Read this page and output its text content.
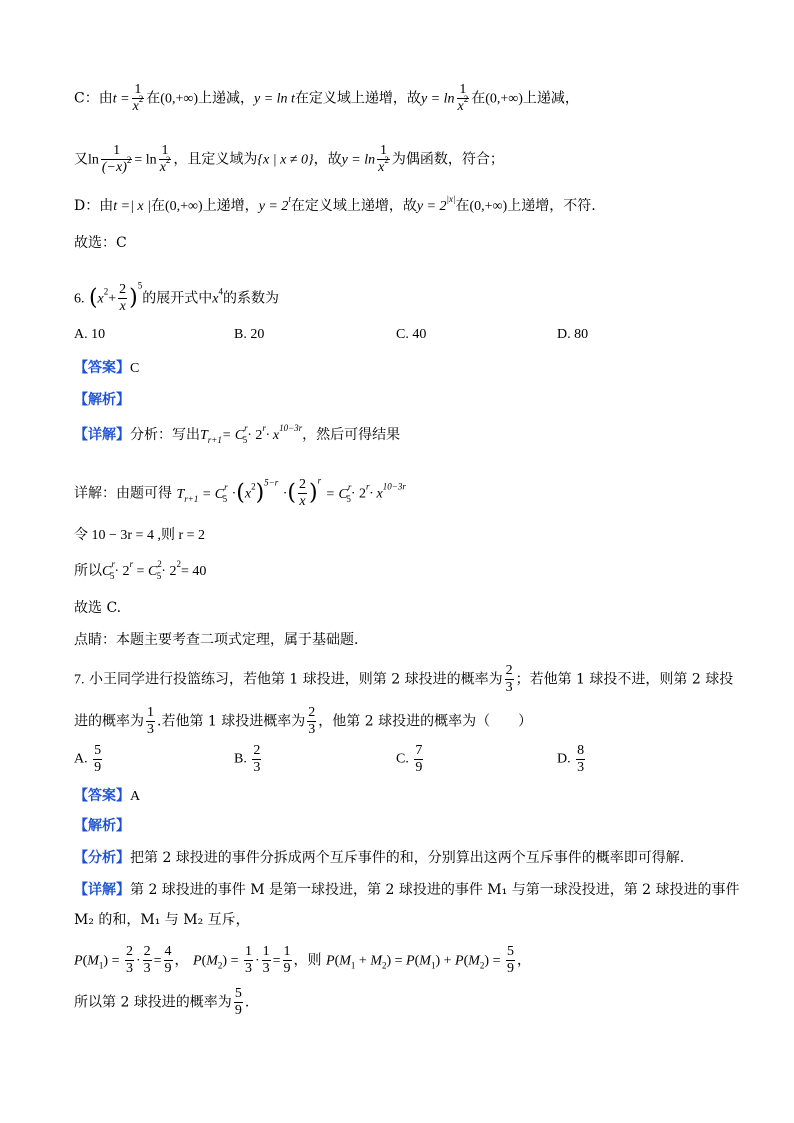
C：由$t = \frac{1}{x^2}$ 在(0,+∞)上递减，y = ln t在定义域上递增，故$y = \ln \frac{1}{x^2}$ 在(0,+∞)上递减，
又$\ln \frac{1}{(-x)^2} = \ln \frac{1}{x^2}$ ，且定义域为{x | x ≠ 0}，故$y = \ln \frac{1}{x^2}$ 为偶函数，符合；
D：由t =| x |在(0,+∞)上递增，$y = 2^t$在定义域上递增，故$y = 2^{|x|}$在(0,+∞)上递增，不符.
故选：C
6. $(x^2+ \frac{2}{x} )^5$的展开式中$x^4$的系数为
A. 10	B. 20	C. 40	D. 80
【答案】C
【解析】
【详解】分析：写出$T_{r+1}= C^r_5\cdot 2^r\cdot x^{10-3r}$，然后可得结果
详解：由题可得 $T_{r+1} = C^r_5 \cdot(x^2)^{5-r}$ ·( $\frac{2}{x} )^r = C^r_5\cdot 2^r\cdot x^{10-3r}$
令 10 − 3r = 4 ,则 r = 2
所以$C^r_5\cdot 2^r = C^2_5\cdot 2^2= 40$
故选 C.
点睛：本题主要考查二项式定理，属于基础题．
7. 小王同学进行投篮练习，若他第 1 球投进，则第 2 球投进的概率为 $\frac{2}{3}$ ；若他第 1 球投不进，则第 2 球投
进的概率为 $\frac{1}{3}$ .若他第 1 球投进概率为 $\frac{2}{3}$ ，他第 2 球投进的概率为（　　）
A. $\frac{5}{9}$	B. $\frac{2}{3}$	C. $\frac{7}{9}$	D. $\frac{8}{3}$
【答案】A
【解析】
【分析】把第 2 球投进的事件分拆成两个互斥事件的和，分别算出这两个互斥事件的概率即可得解.
【详解】第 2 球投进的事件 M 是第一球投进，第 2 球投进的事件 M₁ 与第一球没投进，第 2 球投进的事件
M₂ 的和，M₁ 与 M₂ 互斥，
$P(M_1) = \frac{2}{3} \cdot \frac{2}{3} = \frac{4}{9}$ ， $P(M_2) = \frac{1}{3} \cdot \frac{1}{3} = \frac{1}{9}$ ，则 $P(M_1 + M_2) = P(M_1) + P(M_2) = \frac{5}{9}$ ，
所以第 2 球投进的概率为 $\frac{5}{9}$ .
